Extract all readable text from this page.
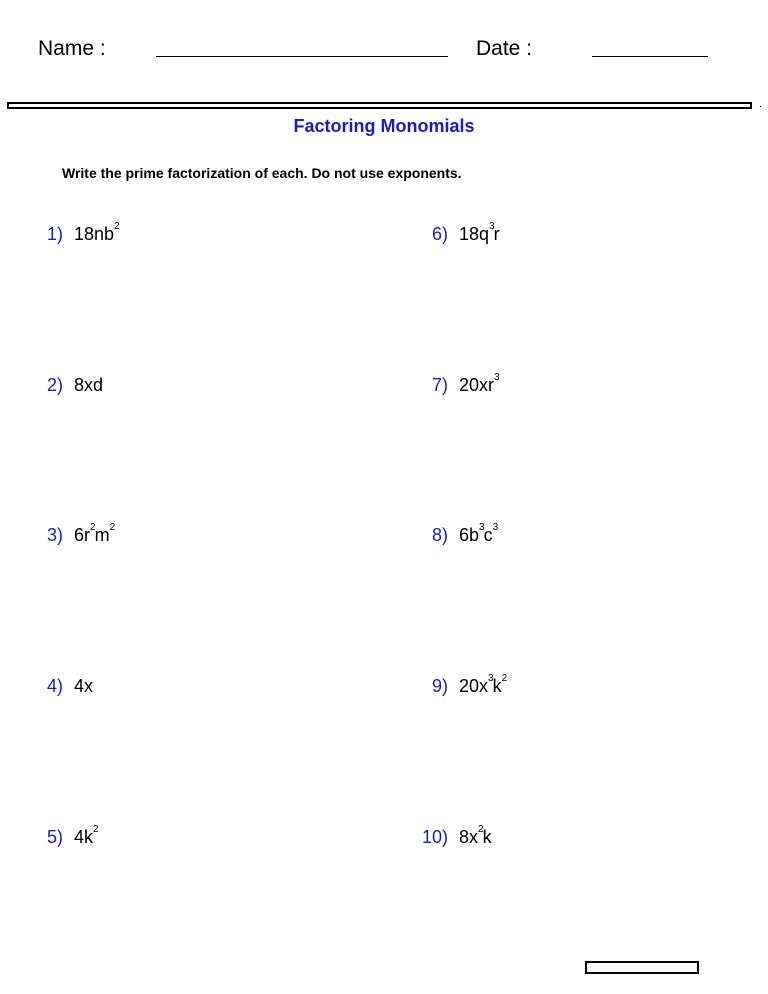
Name :	Date :
Factoring Monomials
Write the prime factorization of each. Do not use exponents.
1) $18nb^2$
2) 8xd
3) $6r^2m^2$
4) 4x
5) $4k^2$
6) $18q^3r$
7) $20xr^3$
8) $6b^3c^3$
9) $20x^3k^2$
10) $8x^2k$
